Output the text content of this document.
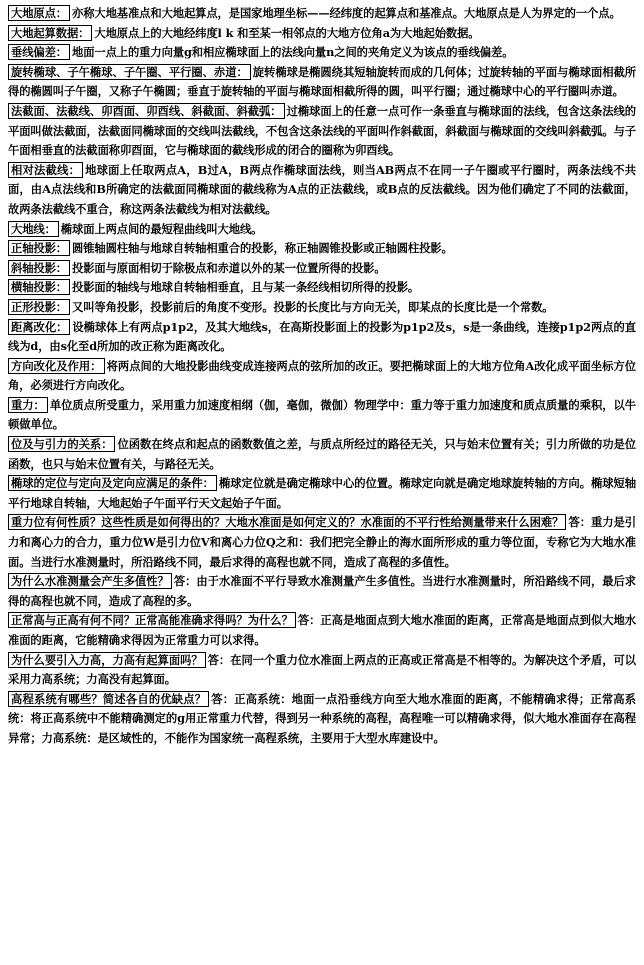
大地原点： 亦称大地基准点和大地起算点，是国家地理坐标——经纬度的起算点和基准点。大地原点是人为界定的一个点。

大地起算数据： 大地原点上的大地经纬度l k 和至某一相邻点的大地方位角a为大地起始数据。

垂线偏差： 地面一点上的重力向量g和相应椭球面上的法线向量n之间的夹角定义为该点的垂线偏差。

旋转椭球、子午椭球、子午圈、平行圈、赤道： 旋转椭球是椭圆绕其短轴旋转而成的几何体；过旋转轴的平面与椭球面相截所得的椭圆叫子午圈，又称子午椭圆；垂直于旋转轴的平面与椭球面相截所得的圆，叫平行圈；通过椭球中心的平行圈叫赤道。

法截面、法截线、卯酉面、卯酉线、斜截面、斜截弧： 过椭球面上的任意一点可作一条垂直与椭球面的法线，包含这条法线的平面叫做法截面，法截面同椭球面的交线叫法截线，不包含这条法线的平面叫作斜截面，斜截面与椭球面的交线叫斜截弧。与子午面相垂直的法截面称卯酉面，它与椭球面的截线形成的闭合的圈称为卯酉线。

相对法截线： 地球面上任取两点A，B过A，B两点作椭球面法线，则当AB两点不在同一子午圈或平行圈时，两条法线不共面，由A点法线和B所确定的法截面同椭球面的截线称为A点的正法截线，或B点的反法截线。因为他们确定了不同的法截面，故两条法截线不重合，称这两条法截线为相对法截线。

大地线： 椭球面上两点间的最短程曲线叫大地线。

正轴投影： 圆锥轴圆柱轴与地球自转轴相重合的投影，称正轴圆锥投影或正轴圆柱投影。

斜轴投影： 投影面与原面相切于除极点和赤道以外的某一位置所得的投影。

横轴投影： 投影面的轴线与地球自转轴相垂直，且与某一条经线相切所得的投影。

正形投影： 又叫等角投影，投影前后的角度不变形。投影的长度比与方向无关，即某点的长度比是一个常数。

距离改化： 设椭球体上有两点p1p2，及其大地线s，在高斯投影面上的投影为p1p2及s，s是一条曲线，连接p1p2两点的直线为d，由s化至d所加的改正称为距离改化。

方向改化及作用： 将两点间的大地投影曲线变成连接两点的弦所加的改正。要把椭球面上的大地方位角A改化成平面坐标方位角，必须进行方向改化。

重力： 单位质点所受重力，采用重力加速度相纲（伽，毫伽，微伽）物理学中：重力等于重力加速度和质点质量的乘积，以牛顿做单位。

位及与引力的关系： 位函数在终点和起点的函数数值之差，与质点所经过的路径无关，只与始末位置有关；引力所做的功是位函数，也只与始末位置有关，与路径无关。

椭球的定位与定向及定向应满足的条件： 椭球定位就是确定椭球中心的位置。椭球定向就是确定地球旋转轴的方向。椭球短轴平行地球自转轴，大地起始子午面平行天文起始子午面。

重力位有何性质？这些性质是如何得出的？大地水准面是如何定义的？水准面的不平行性给测量带来什么困难？ 答：重力是引力和离心力的合力，重力位W是引力位V和离心力位Q之和：我们把完全静止的海水面所形成的重力等位面，专称它为大地水准面。当进行水准测量时，所沿路线不同，最后求得的高程也就不同，造成了高程的多值性。

为什么水准测量会产生多值性？ 答：由于水准面不平行导致水准测量产生多值性。当进行水准测量时，所沿路线不同，最后求得的高程也就不同，造成了高程的多。

正常高与正高有何不同？正常高能准确求得吗？为什么？ 答：正高是地面点到大地水准面的距离，正常高是地面点到似大地水准面的距离，它能精确求得因为正常重力可以求得。

为什么要引入力高，力高有起算面吗？ 答：在同一个重力位水准面上两点的正高或正常高是不相等的。为解决这个矛盾，可以采用力高系统；力高没有起算面。

高程系统有哪些？简述各自的优缺点？ 答：正高系统：地面一点沿垂线方向至大地水准面的距离，不能精确求得；正常高系统：将正高系统中不能精确测定的g用正常重力代替，得到另一种系统的高程，高程唯一可以精确求得，似大地水准面存在高程异常；力高系统：是区域性的，不能作为国家统一高程系统，主要用于大型水库建设中。
